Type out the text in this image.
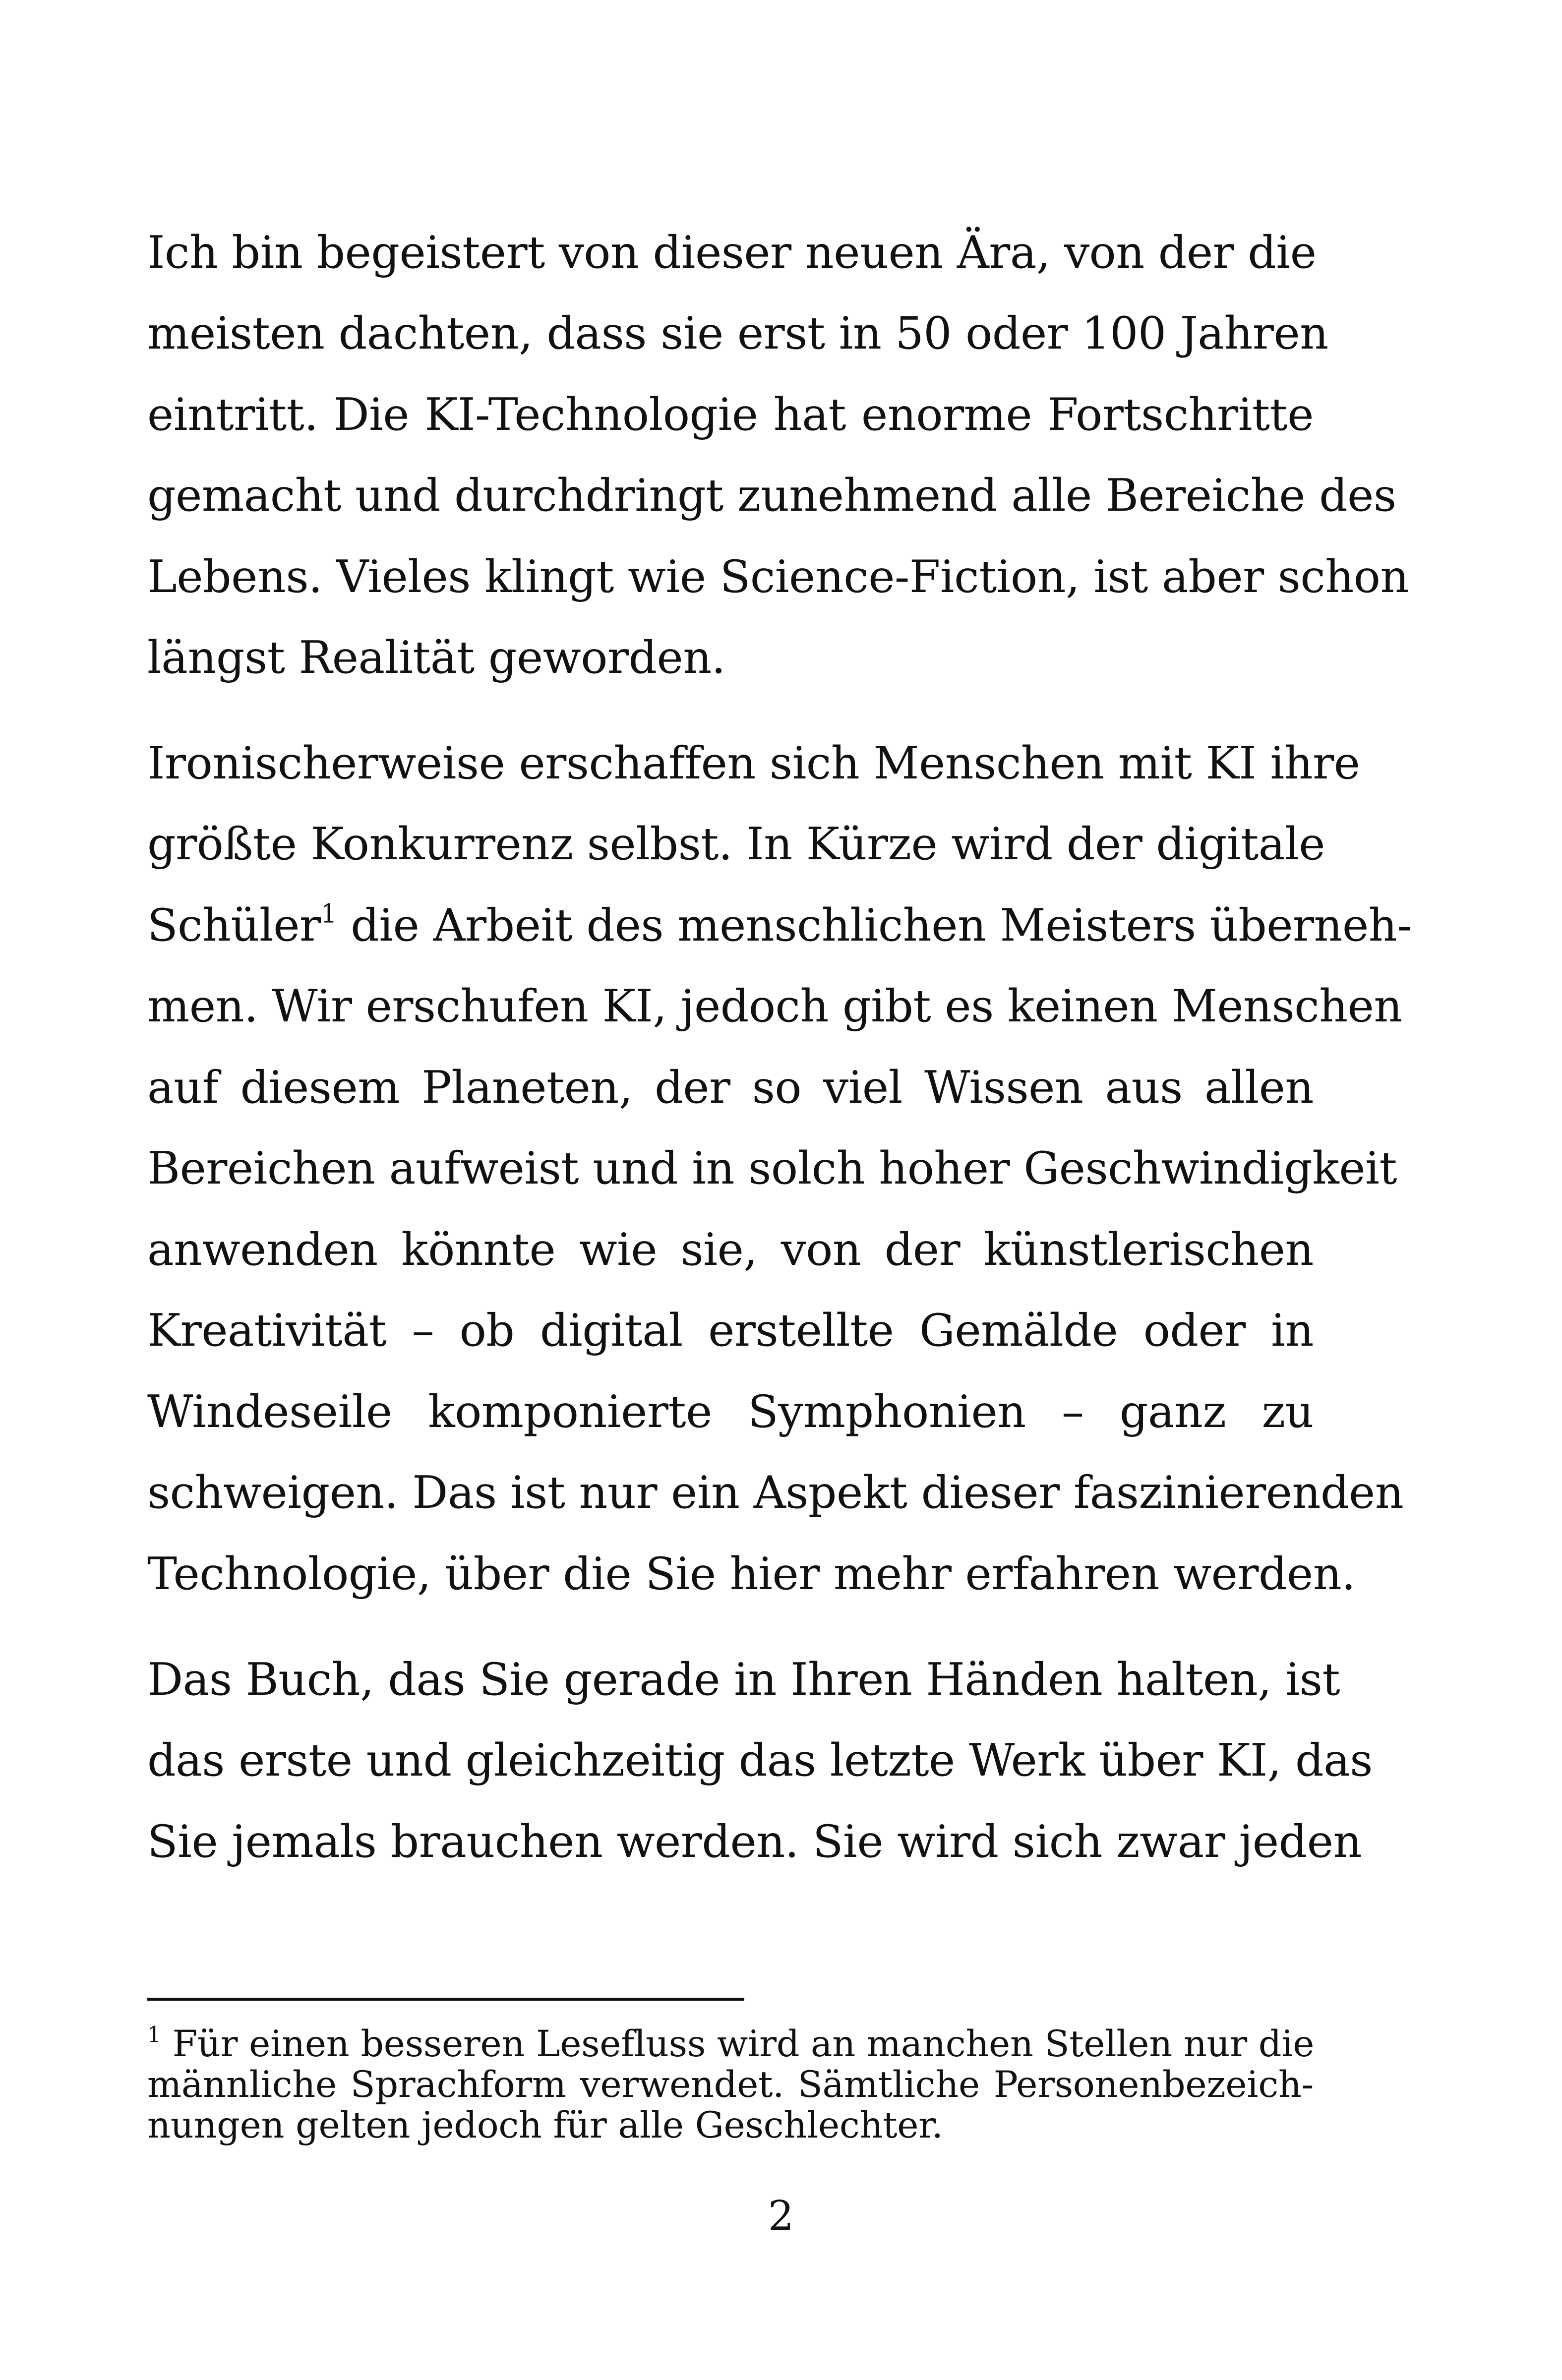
Ich bin begeistert von dieser neuen Ära, von der die
meisten dachten, dass sie erst in 50 oder 100 Jahren
eintritt. Die KI-Technologie hat enorme Fortschritte
gemacht und durchdringt zunehmend alle Bereiche des
Lebens. Vieles klingt wie Science-Fiction, ist aber schon
längst Realität geworden.
Ironischerweise erschaffen sich Menschen mit KI ihre
größte Konkurrenz selbst. In Kürze wird der digitale
Schüler$^1$ die Arbeit des menschlichen Meisters überneh-
men. Wir erschufen KI, jedoch gibt es keinen Menschen
auf diesem Planeten, der so viel Wissen aus allen
Bereichen aufweist und in solch hoher Geschwindigkeit
anwenden könnte wie sie, von der künstlerischen
Kreativität – ob digital erstellte Gemälde oder in
Windeseile komponierte Symphonien – ganz zu
schweigen. Das ist nur ein Aspekt dieser faszinierenden
Technologie, über die Sie hier mehr erfahren werden.
Das Buch, das Sie gerade in Ihren Händen halten, ist
das erste und gleichzeitig das letzte Werk über KI, das
Sie jemals brauchen werden. Sie wird sich zwar jeden
$^1$ Für einen besseren Lesefluss wird an manchen Stellen nur die
männliche Sprachform verwendet. Sämtliche Personenbezeich-
nungen gelten jedoch für alle Geschlechter.
2
